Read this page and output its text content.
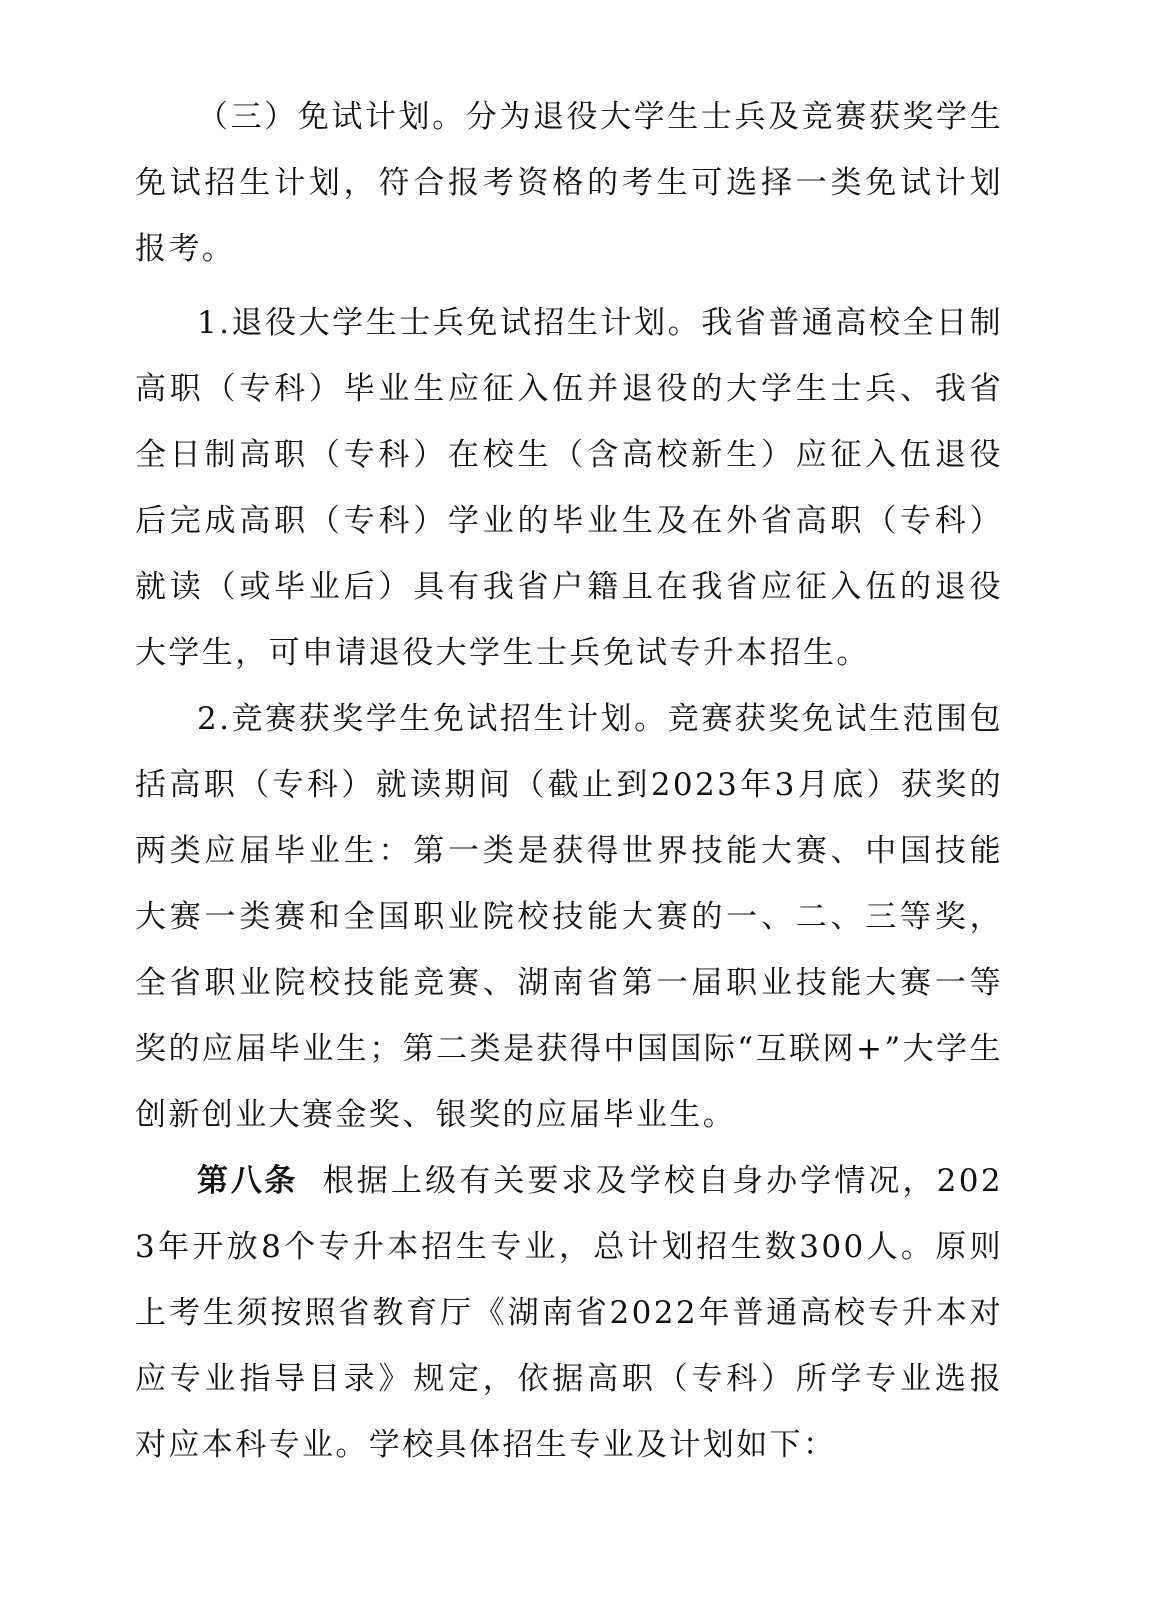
（三）免试计划。分为退役大学生士兵及竞赛获奖学生免试招生计划，符合报考资格的考生可选择一类免试计划报考。

1.退役大学生士兵免试招生计划。我省普通高校全日制高职（专科）毕业生应征入伍并退役的大学生士兵、我省全日制高职（专科）在校生（含高校新生）应征入伍退役后完成高职（专科）学业的毕业生及在外省高职（专科）就读（或毕业后）具有我省户籍且在我省应征入伍的退役大学生，可申请退役大学生士兵免试专升本招生。

2.竞赛获奖学生免试招生计划。竞赛获奖免试生范围包括高职（专科）就读期间（截止到2023年3月底）获奖的两类应届毕业生：第一类是获得世界技能大赛、中国技能大赛一类赛和全国职业院校技能大赛的一、二、三等奖，全省职业院校技能竞赛、湖南省第一届职业技能大赛一等奖的应届毕业生；第二类是获得中国国际“互联网+”大学生创新创业大赛金奖、银奖的应届毕业生。

第八条 根据上级有关要求及学校自身办学情况，2023年开放8个专升本招生专业，总计划招生数300人。原则上考生须按照省教育厅《湖南省2022年普通高校专升本对应专业指导目录》规定，依据高职（专科）所学专业选报对应本科专业。学校具体招生专业及计划如下：
